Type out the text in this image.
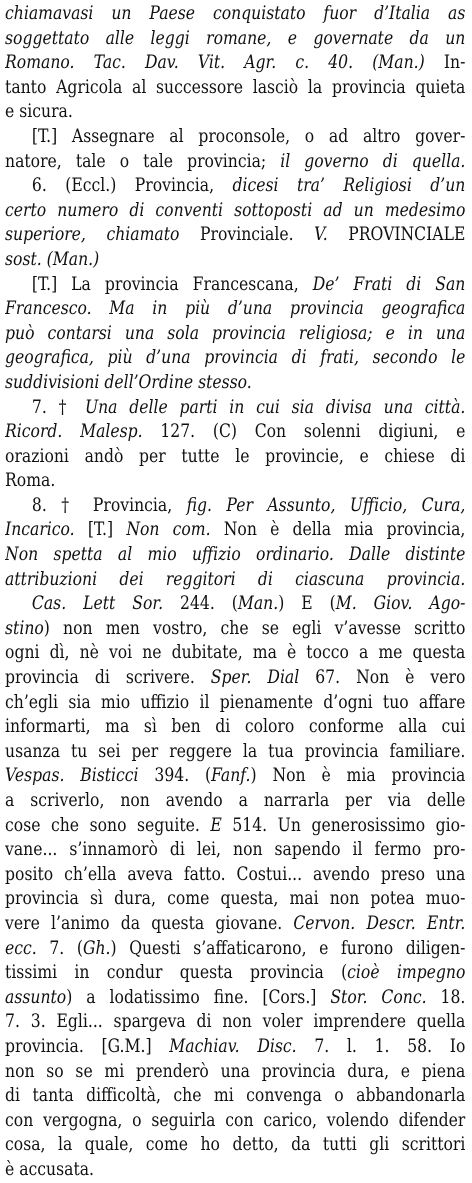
chiamavasi un Paese conquistato fuor d’Italia as
soggettato alle leggi romane, e governate da un
Romano. Tac. Dav. Vit. Agr. c. 40. (Man.) In-
tanto Agricola al successore lasciò la provincia quieta
e sicura.
[T.] Assegnare al proconsole, o ad altro gover-
natore, tale o tale provincia; il governo di quella.
6. (Eccl.) Provincia, dicesi tra’ Religiosi d’un
certo numero di conventi sottoposti ad un medesimo
superiore, chiamato Provinciale. V. PROVINCIALE
sost. (Man.)
[T.] La provincia Francescana, De’ Frati di San
Francesco. Ma in più d’una provincia geografica
può contarsi una sola provincia religiosa; e in una
geografica, più d’una provincia di frati, secondo le
suddivisioni dell’Ordine stesso.
7. † Una delle parti in cui sia divisa una città.
Ricord. Malesp. 127. (C) Con solenni digiuni, e
orazioni andò per tutte le provincie, e chiese di
Roma.
8. † Provincia, fig. Per Assunto, Ufficio, Cura,
Incarico. [T.] Non com. Non è della mia provincia,
Non spetta al mio uffizio ordinario. Dalle distinte
attribuzioni dei reggitori di ciascuna provincia.
Cas. Lett Sor. 244. (Man.) E (M. Giov. Ago-
stino) non men vostro, che se egli v’avesse scritto
ogni dì, nè voi ne dubitate, ma è tocco a me questa
provincia di scrivere. Sper. Dial 67. Non è vero
ch’egli sia mio uffizio il pienamente d’ogni tuo affare
informarti, ma sì ben di coloro conforme alla cui
usanza tu sei per reggere la tua provincia familiare.
Vespas. Bisticci 394. (Fanf.) Non è mia provincia
a scriverlo, non avendo a narrarla per via delle
cose che sono seguite. E 514. Un generosissimo gio-
vane... s’innamorò di lei, non sapendo il fermo pro-
posito ch’ella aveva fatto. Costui... avendo preso una
provincia sì dura, come questa, mai non potea muo-
vere l’animo da questa giovane. Cervon. Descr. Entr.
ecc. 7. (Gh.) Questi s’affaticarono, e furono diligen-
tissimi in condur questa provincia (cioè impegno
assunto) a lodatissimo fine. [Cors.] Stor. Conc. 18.
7. 3. Egli... spargeva di non voler imprendere quella
provincia. [G.M.] Machiav. Disc. 7. l. 1. 58. Io
non so se mi prenderò una provincia dura, e piena
di tanta difficoltà, che mi convenga o abbandonarla
con vergogna, o seguirla con carico, volendo difender
cosa, la quale, come ho detto, da tutti gli scrittori
è accusata.
